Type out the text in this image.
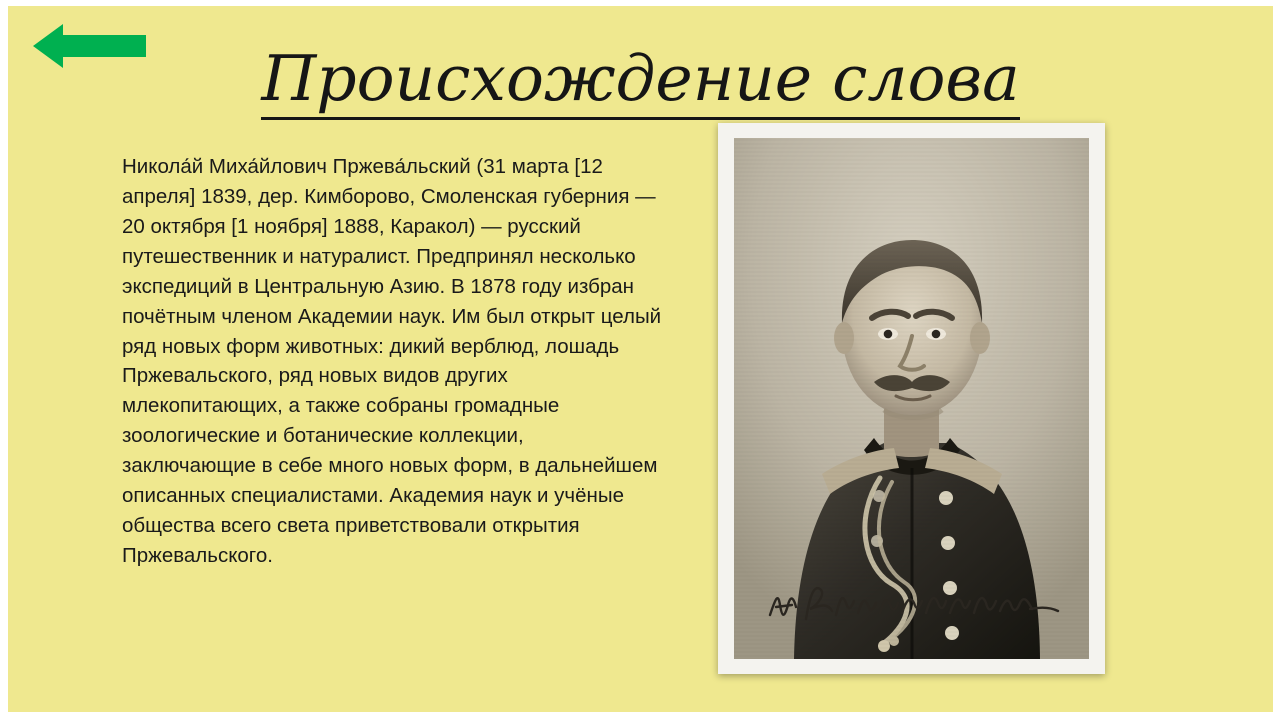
Происхождение слова
Никола́й Миха́йлович Пржева́льский (31 марта [12 апреля] 1839, дер. Кимборово, Смоленская губерния — 20 октября [1 ноября] 1888, Каракол) — русский путешественник и натуралист. Предпринял несколько экспедиций в Центральную Азию. В 1878 году избран почётным членом Академии наук. Им был открыт целый ряд новых форм животных: дикий верблюд, лошадь Пржевальского, ряд новых видов других млекопитающих, а также собраны громадные зоологические и ботанические коллекции, заключающие в себе много новых форм, в дальнейшем описанных специалистами. Академия наук и учёные общества всего света приветствовали открытия Пржевальского.
